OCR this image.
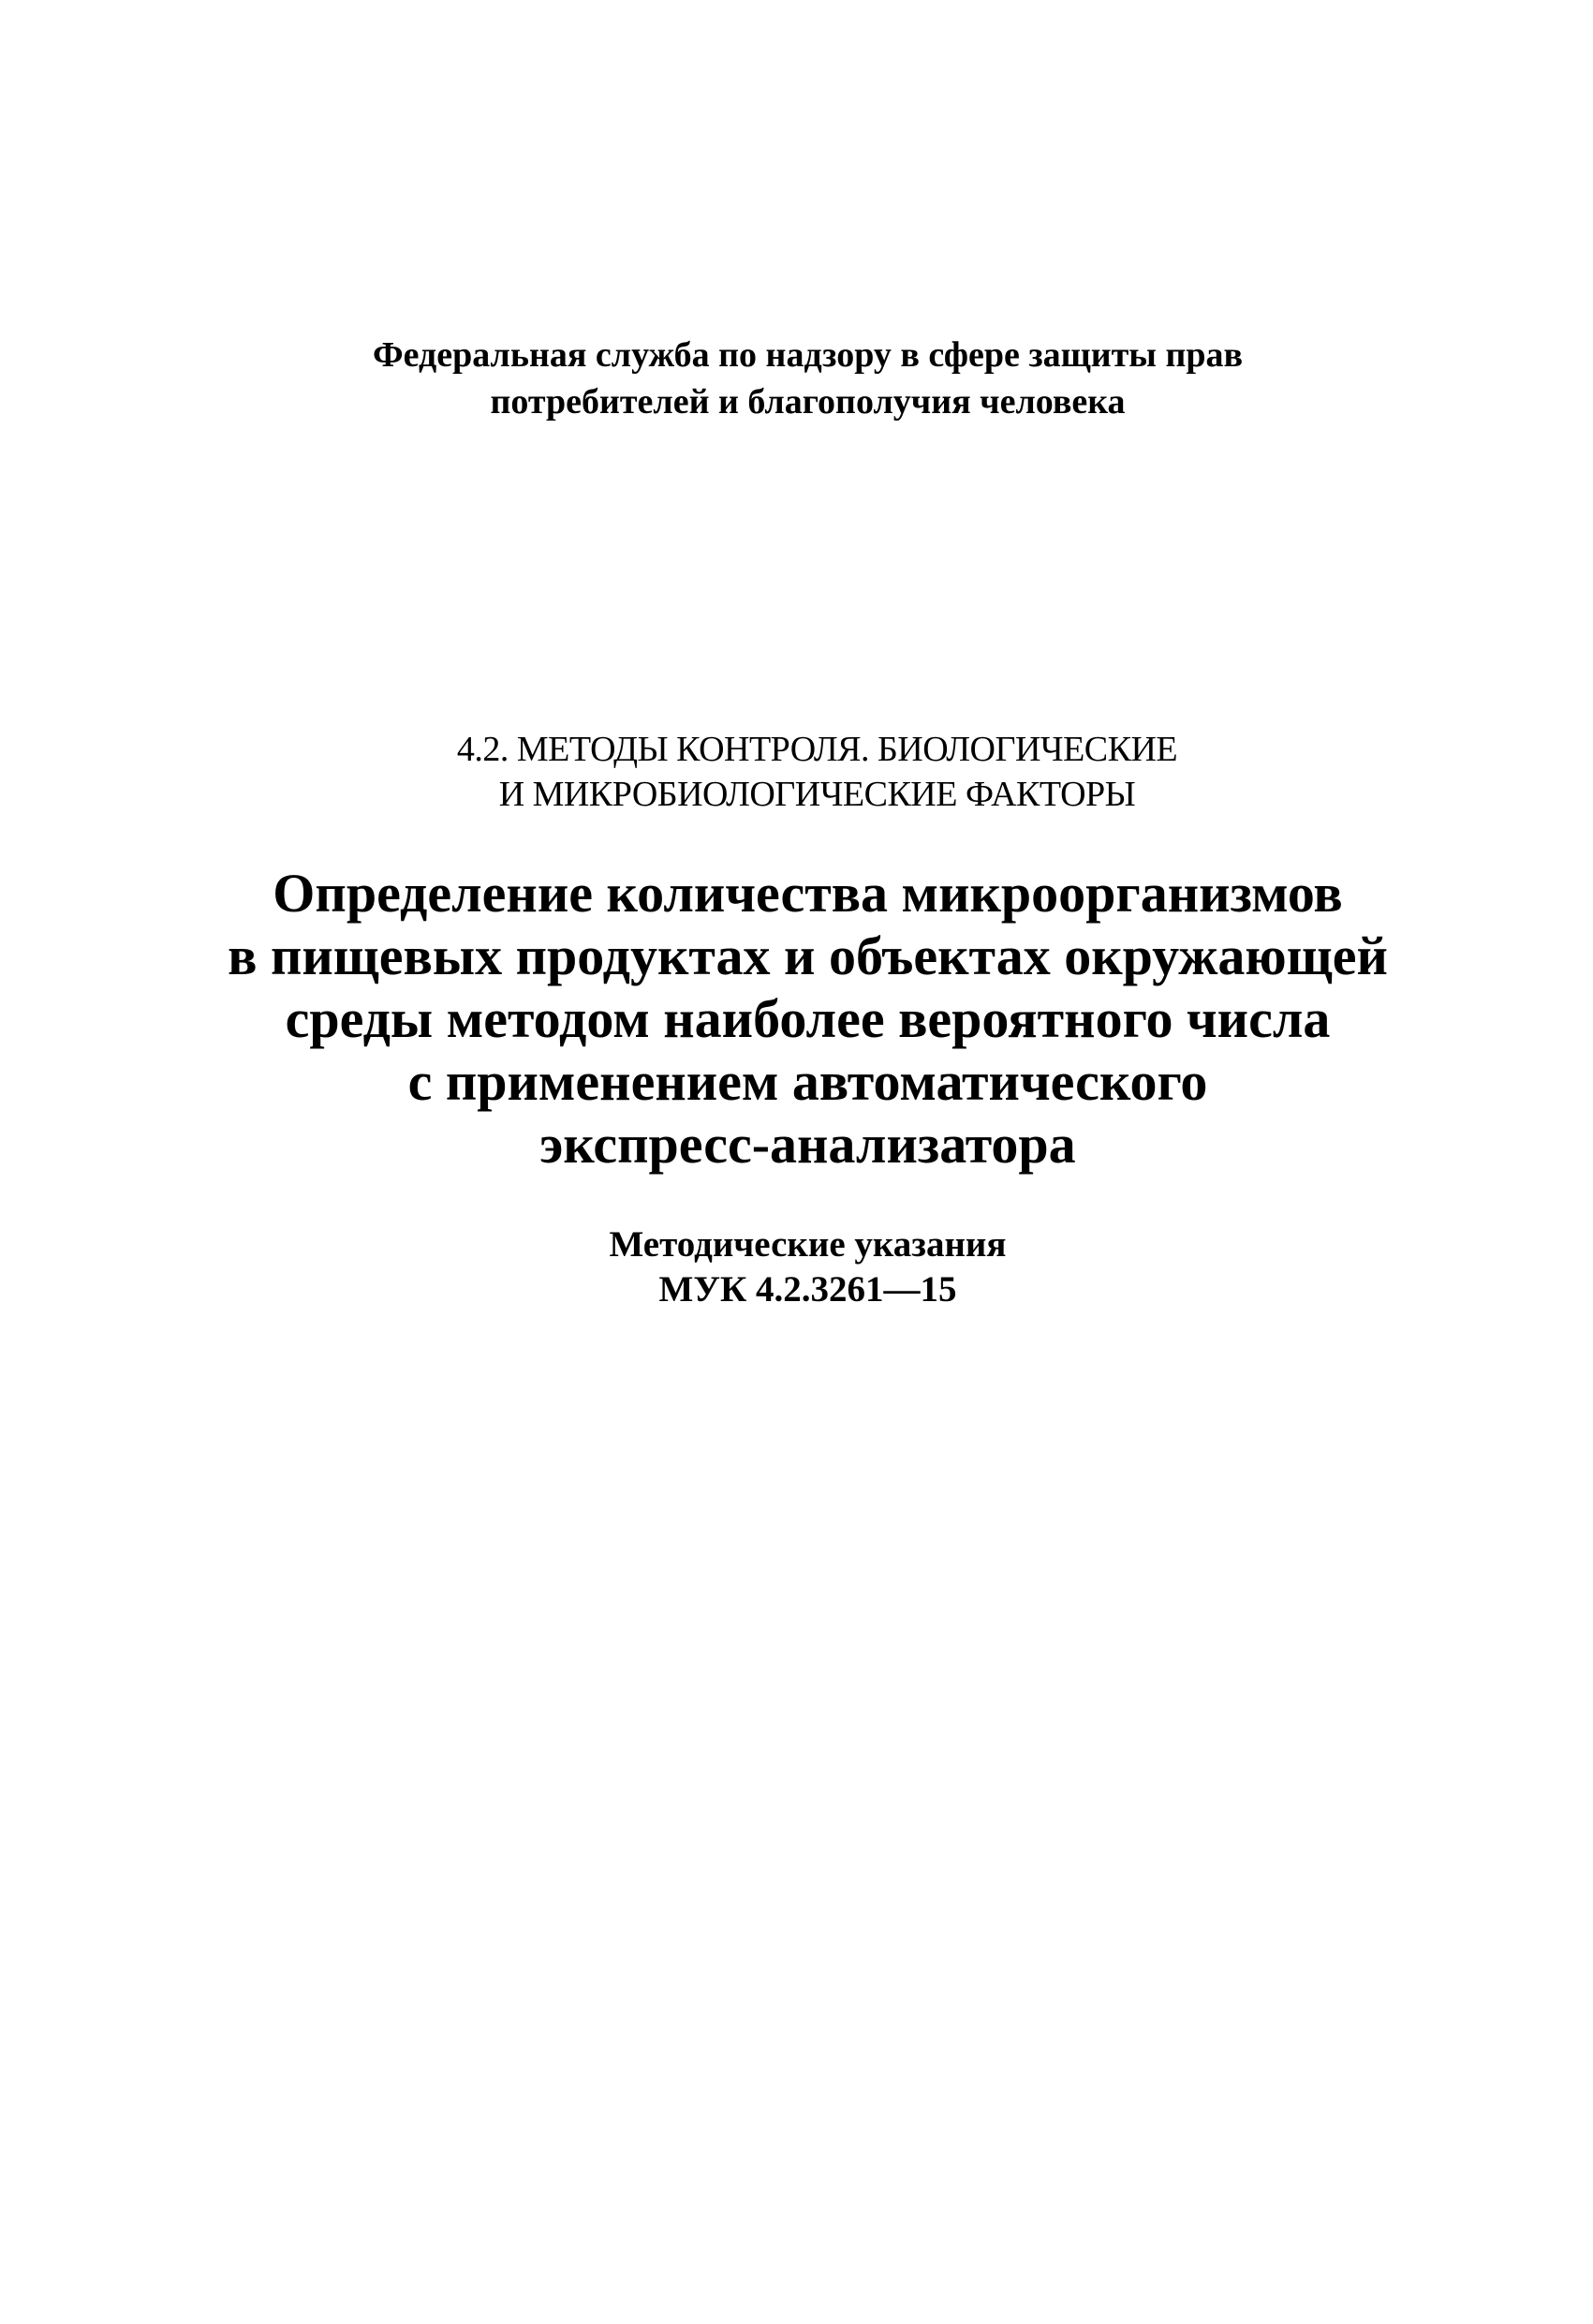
Федеральная служба по надзору в сфере защиты прав
потребителей и благополучия человека
4.2. МЕТОДЫ КОНТРОЛЯ. БИОЛОГИЧЕСКИЕ
И МИКРОБИОЛОГИЧЕСКИЕ ФАКТОРЫ
Определение количества микроорганизмов
в пищевых продуктах и объектах окружающей
среды методом наиболее вероятного числа
с применением автоматического
экспресс-анализатора
Методические указания
МУК 4.2.3261—15
